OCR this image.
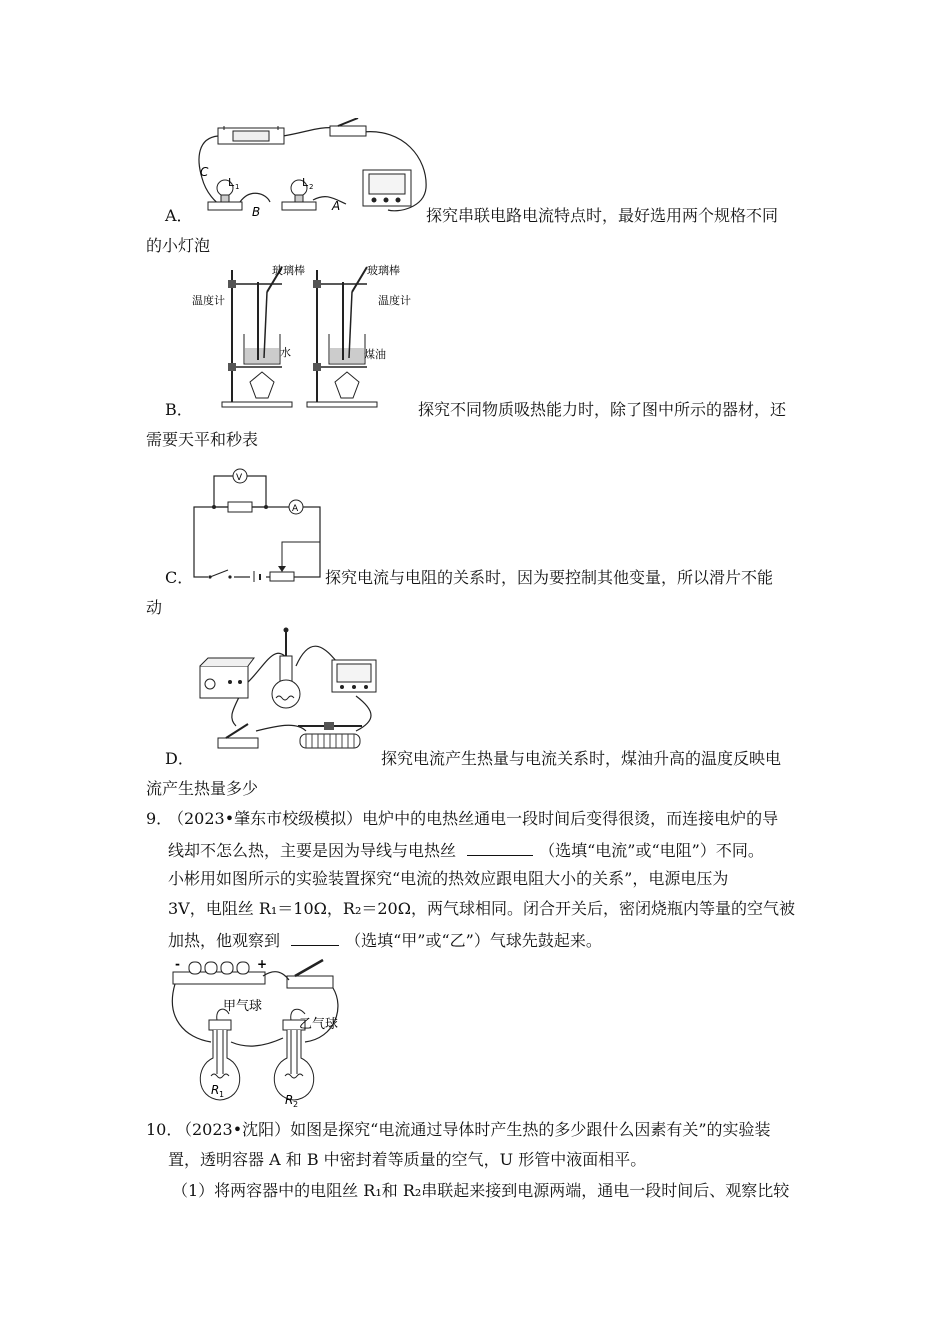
C
B	A
L 1	L 2
A．	探究串联电路电流特点时，最好选用两个规格不同
的小灯泡
玻璃棒
温度计
水
玻璃棒
温度计
煤油
B．	探究不同物质吸热能力时，除了图中所示的器材，还
需要天平和秒表
V
A
C．	探究电流与电阻的关系时，因为要控制其他变量，所以滑片不能
动
D．	探究电流产生热量与电流关系时，煤油升高的温度反映电
流产生热量多少
9．
（2023•肇东市校级模拟）电炉中的电热丝通电一段时间后变得很烫，而连接电炉的导
线却不怎么热，主要是因为导线与电热丝	（选填“电流”或“电阻”）不同。
小彬用如图所示的实验装置探究“电流的热效应跟电阻大小的关系”，电源电压为
3V，电阻丝 R₁＝10Ω，R₂＝20Ω，两气球相同。闭合开关后，密闭烧瓶内等量的空气被
加热，他观察到	（选填“甲”或“乙”）气球先鼓起来。
-	+
甲气球
乙气球
R 1	R 2
10．
（2023•沈阳）如图是探究“电流通过导体时产生热的多少跟什么因素有关”的实验装
置，透明容器 A 和 B 中密封着等质量的空气，U 形管中液面相平。
（1）将两容器中的电阻丝 R₁和 R₂串联起来接到电源两端，通电一段时间后、观察比较
